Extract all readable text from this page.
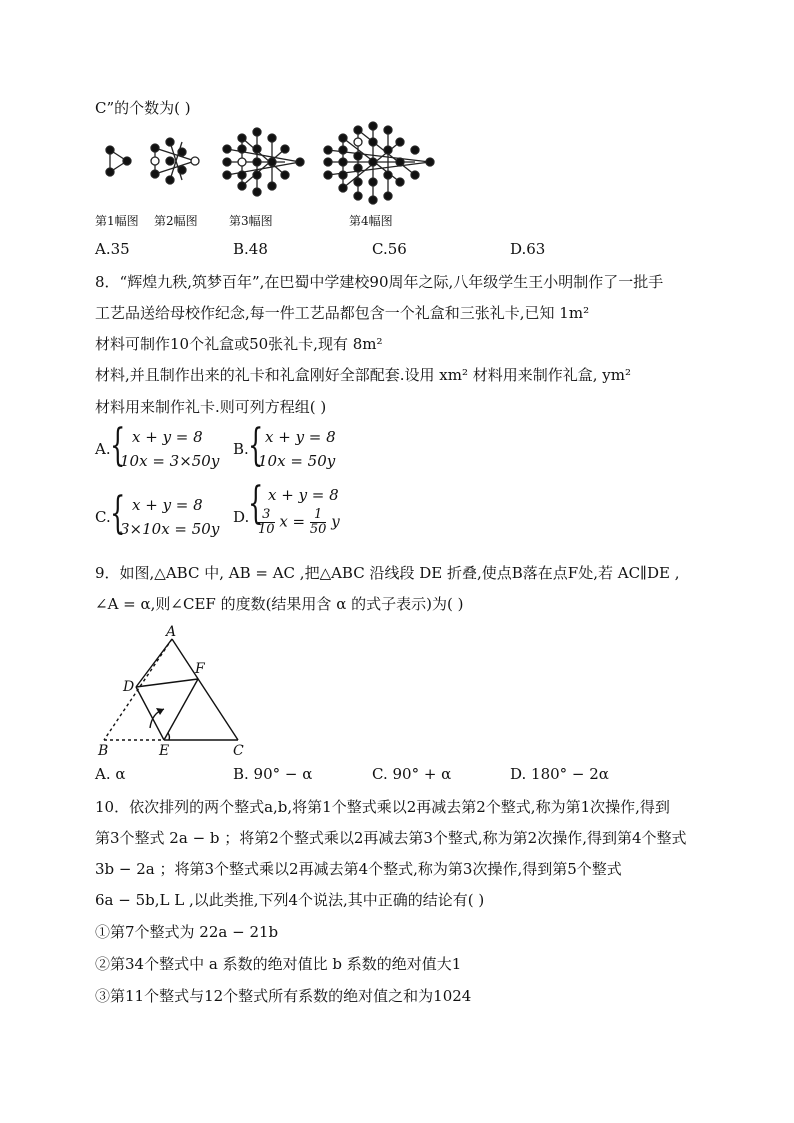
C”的个数为( )
第1幅图 第2幅图	第3幅图	第4幅图
A.35	B.48	C.56	D.63
8．“辉煌九秩,筑梦百年”,在巴蜀中学建校90周年之际,八年级学生王小明制作了一批手
工艺品送给母校作纪念,每一件工艺品都包含一个礼盒和三张礼卡,已知 1m²
材料可制作10个礼盒或50张礼卡,现有 8m²
材料,并且制作出来的礼卡和礼盒刚好全部配套.设用 xm² 材料用来制作礼盒, ym²
材料用来制作礼卡.则可列方程组( )
A. { x + y = 8
10x = 3×50y
B. { x + y = 8
10x = 50y
C. { x + y = 8
3×10x = 50y
D.
{ x + y = 8
$\frac{3}{10}$ $x = \frac{1}{50}$ y
9．如图,△ABC 中, AB = AC ,把△ABC 沿线段 DE 折叠,使点B落在点F处,若 AC∥DE ,
∠A = α,则∠CEF 的度数(结果用含 α 的式子表示)为( )
A
F
D
B	E	C
A. α	B. 90° − α	C. 90° + α	D. 180° − 2α
10．依次排列的两个整式a,b,将第1个整式乘以2再减去第2个整式,称为第1次操作,得到
第3个整式 2a − b ；将第2个整式乘以2再减去第3个整式,称为第2次操作,得到第4个整式
3b − 2a ；将第3个整式乘以2再减去第4个整式,称为第3次操作,得到第5个整式
6a − 5b,L L ,以此类推,下列4个说法,其中正确的结论有( )
①第7个整式为 22a − 21b
②第34个整式中 a 系数的绝对值比 b 系数的绝对值大1
③第11个整式与12个整式所有系数的绝对值之和为1024
